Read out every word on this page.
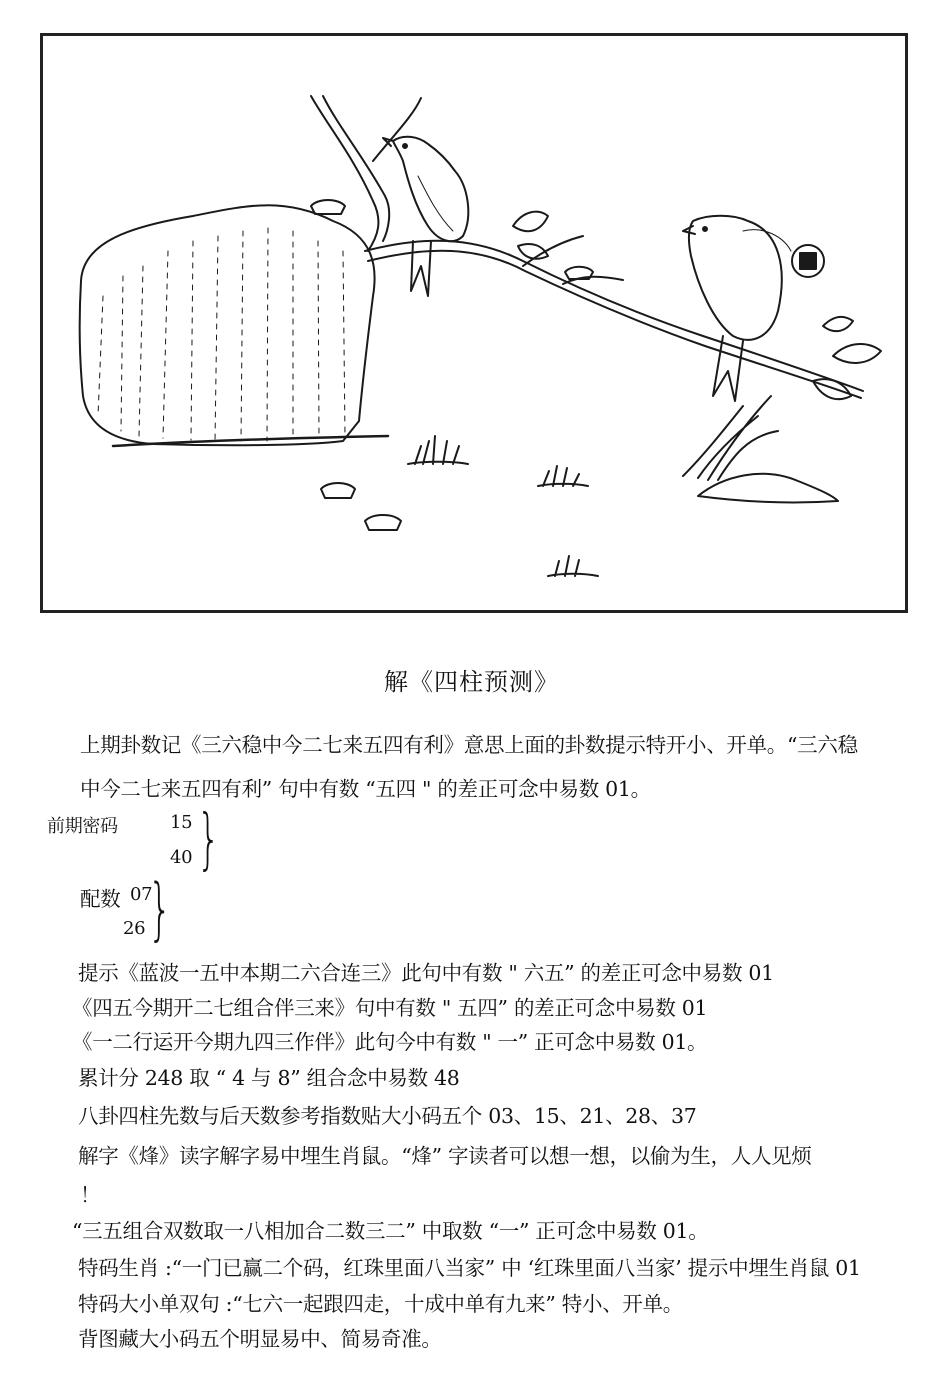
解《四柱预测》
上期卦数记《三六稳中今二七来五四有利》意思上面的卦数提示特开小、开单。“三六稳
中今二七来五四有利” 句中有数 “五四 " 的差正可念中易数 01。
前期密码	15
40 }
配数 07
26 }
提示《蓝波一五中本期二六合连三》此句中有数 " 六五” 的差正可念中易数 01
《四五今期开二七组合伴三来》句中有数 " 五四” 的差正可念中易数 01
《一二行运开今期九四三作伴》此句今中有数 " 一” 正可念中易数 01。
累计分 248 取 “ 4 与 8” 组合念中易数 48
八卦四柱先数与后天数参考指数贴大小码五个 03、15、21、28、37
解字《烽》读字解字易中埋生肖鼠。“烽” 字读者可以想一想，以偷为生，人人见烦
！
“三五组合双数取一八相加合二数三二” 中取数 “一” 正可念中易数 01。
特码生肖 :“一门已赢二个码，红珠里面八当家” 中 ‘红珠里面八当家’ 提示中埋生肖鼠 01
特码大小单双句 :“七六一起跟四走，十成中单有九来” 特小、开单。
背图藏大小码五个明显易中、简易奇准。
